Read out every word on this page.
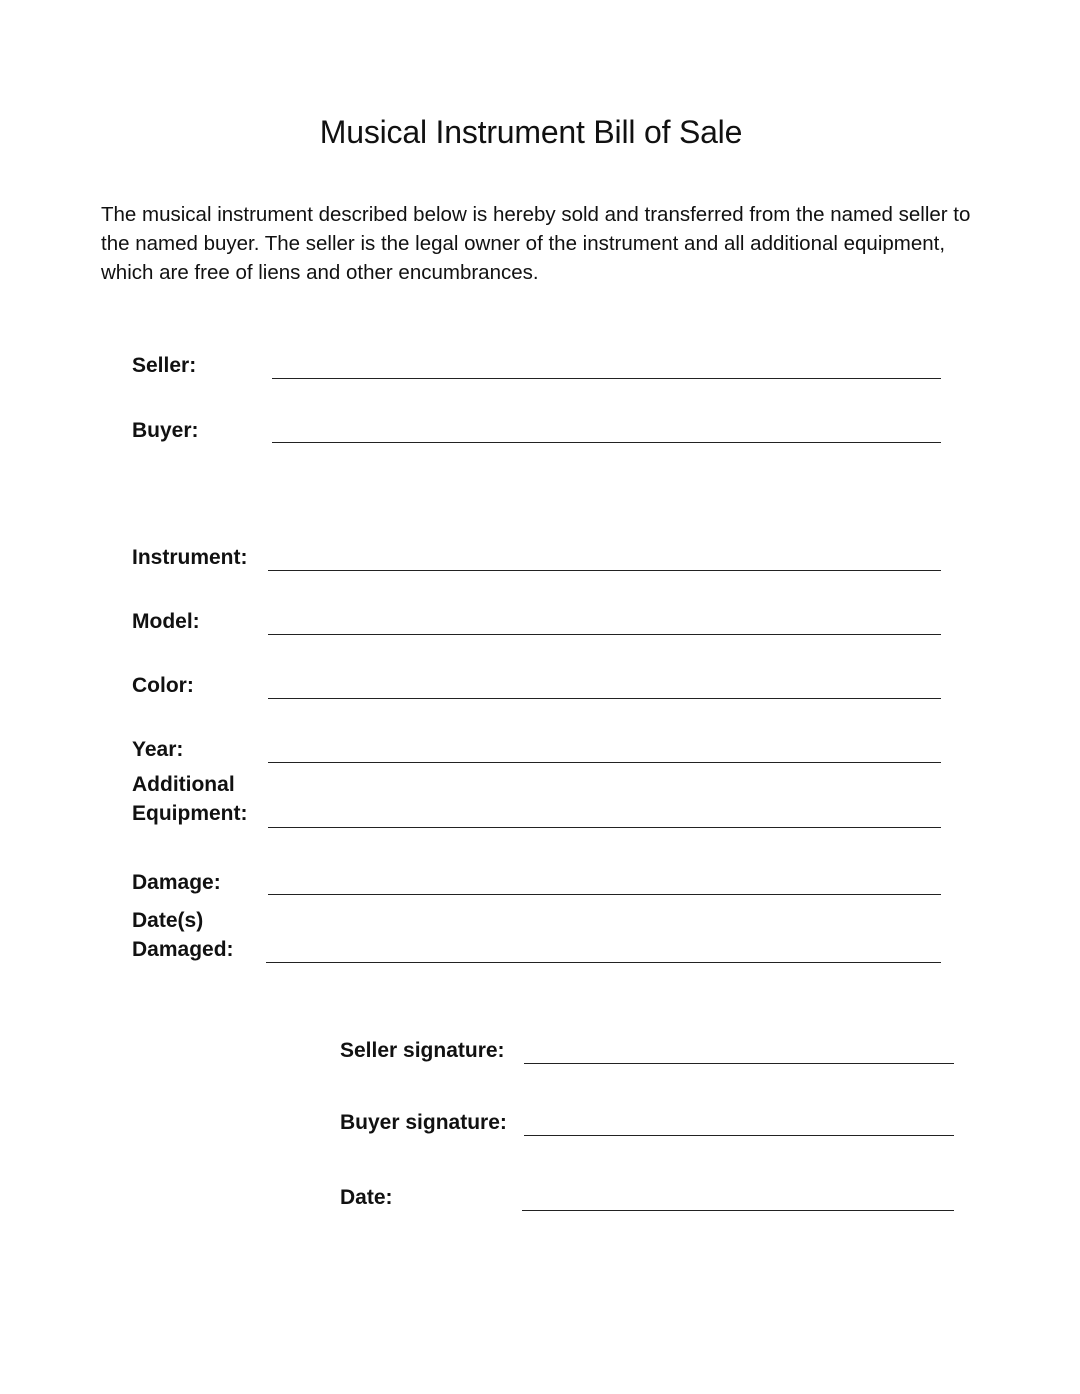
Musical Instrument Bill of Sale

The musical instrument described below is hereby sold and transferred from the named seller to the named buyer. The seller is the legal owner of the instrument and all additional equipment, which are free of liens and other encumbrances.

Seller:
Buyer:
Instrument:
Model:
Color:
Year:
Additional
Equipment:
Damage:
Date(s)
Damaged:
Seller signature:
Buyer signature:
Date:
